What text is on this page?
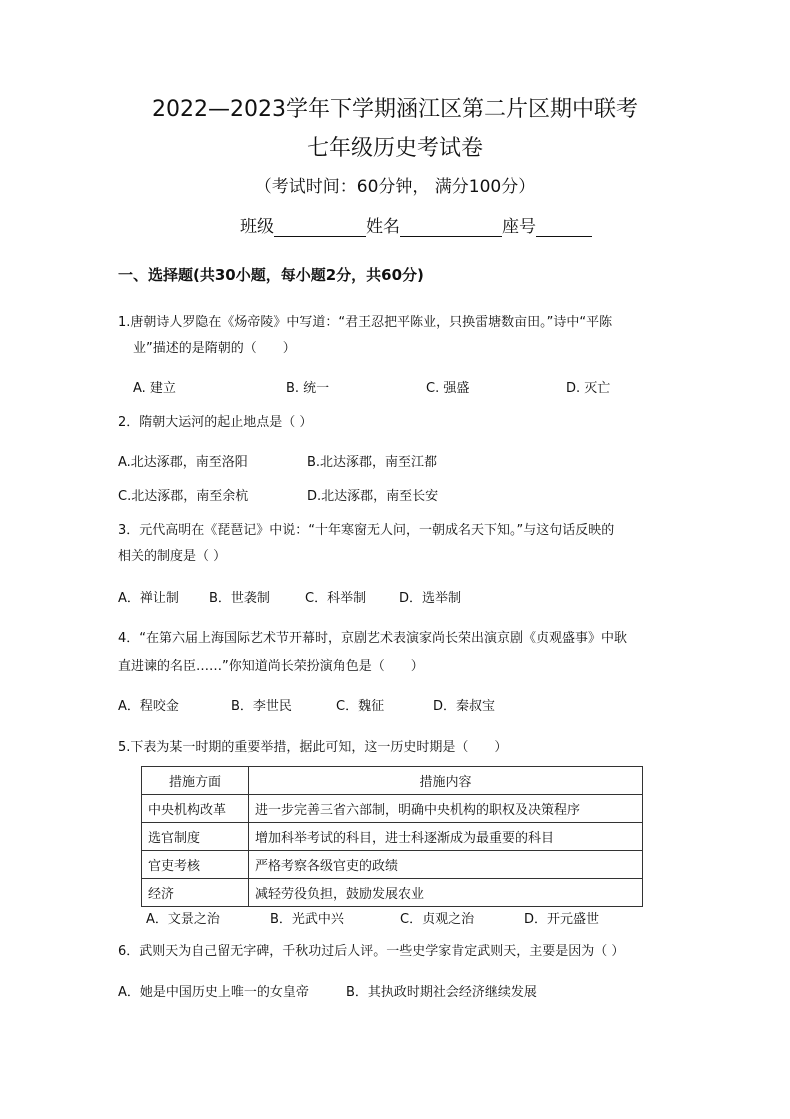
2022—2023学年下学期涵江区第二片区期中联考
七年级历史考试卷
（考试时间：60分钟， 满分100分）
班级	姓名	座号
一、选择题(共30小题，每小题2分，共60分)
1.唐朝诗人罗隐在《炀帝陵》中写道：“君王忍把平陈业，只换雷塘数亩田。”诗中“平陈
业”描述的是隋朝的（　　）
A. 建立	B. 统一	C. 强盛	D. 灭亡
2．隋朝大运河的起止地点是（ ）
A.北达涿郡，南至洛阳	B.北达涿郡，南至江都
C.北达涿郡，南至余杭	D.北达涿郡，南至长安
3．元代高明在《琵琶记》中说：“十年寒窗无人问，一朝成名天下知。”与这句话反映的
相关的制度是（ ）
A．禅让制 B．世袭制	C．科举制	D．选举制
4．“在第六届上海国际艺术节开幕时，京剧艺术表演家尚长荣出演京剧《贞观盛事》中耿
直进谏的名臣……”你知道尚长荣扮演角色是（　　）
A．程咬金	B．李世民	C．魏征	D．秦叔宝
5.下表为某一时期的重要举措，据此可知，这一历史时期是（　　）
措施方面	措施内容
中央机构改革	进一步完善三省六部制，明确中央机构的职权及决策程序
选官制度	增加科举考试的科目，进士科逐渐成为最重要的科目
官吏考核	严格考察各级官吏的政绩
经济	减轻劳役负担，鼓励发展农业
A．文景之治	B．光武中兴	C．贞观之治	D．开元盛世
6．武则天为自己留无字碑，千秋功过后人评。一些史学家肯定武则天，主要是因为（ ）
A．她是中国历史上唯一的女皇帝	B．其执政时期社会经济继续发展
